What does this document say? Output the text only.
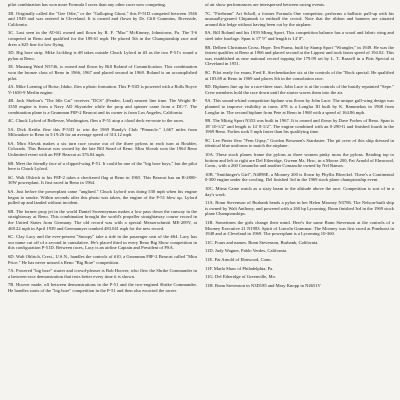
pilot combination has won more Formula I races than any other racer now competing.

3B. Originally called the "Gee Odie," or the "Galloping Ghost," this P-51D competed between 1946 and 1949 and was entered in Cleveland. It is owned and flown by Dr. Cliff Cummins, Riverside, California.

3C. Last seen in the AT-6G owned and flown by R. F. "Mac" McKinney, Johnstown, Pa. The T-6 competed in Reno and qualified for the 189.61 mph. He placed 5th in the Championship race and drew a $25 fine for low flying.

3D. Big bore strip, Mike Lickling is #8 takes outside Chuck Lyford in #3 as the two P-51's round a pylon at Reno.

3E. Mustang Ward N5746, is owned and flown by Bill Roland of Commification. This combination won the bronze class of Reno in 1966, 1967 and placed second in 1968. Roland is an accomplished pilot.

4A. Mike Loening of Boise, Idaho, flies a photo formation. This P-51D is powered with a Rolls Royce V-1650-9 Merlin engine.

4B. Jack Shelton's "The Idle Cat" receives "DCS" (Fender, Lind) nearest line time. The Wright R-3350 engine is from a Navy AD Skyraider while the prop and spinner came from a DC-7. The combination plane is a Grumman F8F-2 Bearcat and its owner is from Los Angeles, California.

4C. Chuck Lyford of Bellevue, Washington, flies a P-51 atop a cloud deck en-route to the races.

5A. Dick Keiths flew this P-51D to win the 1969 Handy's Club "Pinnacle." 1,667 miles from Milwaukee to Reno in 5:19:26 for an average speed of 313.12 mph.

6A. Mira Slovak makes a six turn race course out of the three pylons in each turn at Boulder, Colorado. This Bearcat was owned by the late Bill Stead of Reno. Mira Slovak won the 1964 Reno Unlimited event with an F8F Bearcat at 376.84 mph.

6B. Meet the friendly face of a clipped-wing P-51. It could be one of the "big bore boys," but the pilot here is Chuck Lyford.

6C. Walt Ohlrich to his F8F-2 takes a checkered flag at Reno in 1965. This Bearcat has an R-2800-30W powerplant. It first raced in Reno in 1964.

6A. Just before the powerplant came "unglued." Chuck Lyford was doing 530 mph when his engine began to smoke. Within seconds after this photo was taken, the engine of the P-51 blew up. Lyford pulled up and landed without incident.

6B. The former prop jet in the world Daniel Sweeneyman makes a low pass down the runway in the straightaway at Reno. This combination brought the world's propeller straightaway course record in the United States from Germany. The old record was with a special Messerschmitt ME-209V, at 469.22 mph in April 1939 and Greenamyer cranked 483.041 mph for the new record.

6C. Clay Lacy and the ever-present "Snoopy" take a ride in the passenger seat of the #64. Lacy has our name cut off of a second in cumulative. He's placed third in every Reno Big Show competition in this configuration P-51D. Between races, Lacy is an airline Captain and President of PSA.

6D. Walt Ohlrich, Crest., U.S.N., handles the controls of #10, a Grumman F8F-2 Bearcat called "Mira Price." He has never missed a Reno "Big Bore" competition.

7A. Powered "big bore" starter and crowd-pleaser is Bob Hoover, who flew the Shrike Commander in a between-race demonstration that tests better every time it is shown.

7B. Hoover made, off between demonstrations in the P-51 and the two-engined Shrike Commander. He handles starts of the "big bore" competition in the P-51 and then also escorted the racers

of air show performances are interspersed between racing events.

7C. "Firebeam" Art Scholl, a former Formula One competitor, performs a ballistic pull-up with his unusually-geared Chipmunk to enthrall the crowd. Note that the ribbon and banners are situated around this ledge without having been cut by the airplane.

8A. Bill Roland and his 1959 Mirng Sport. This competition balance has a wood and fabric wing and steel tube fuselage. Span is 17' 9" and length is 14' 8".

8B. Delbert Christman Cross, Hope. Ten Prams, built by Stamp Sport "Wrangler," in 1949. He was the fastest qualifier at Reno at 1966 and placed second at the Lippest and took faster speed of 194.02. This was established as new national record topping the 179.09 set by L. T. Bussell in a Pitts Special at Cleveland in 1951.

8C. Pilot ready for exam, Fred E. Stechembacher six at the controls of the "Rock special. He qualified at 183.69 at Reno in 1969 and places 5th in the consolation race.

8D. Biplanes line up for a race-three start. John Luce is at the controls of the hastily repainted "Sepe." Crew members hold the race down until the starter waves them into the air.

9A. This sound-a-kind competition biplane was flown by John Luce. The unique gull-wing design was planned to improve visibility at turns. #78 is a Longlar III built by K. Rammekus in 1968 from Longlar in. The second biplane from Pete at Reno in 1968 with a speed of 164.86 mph.

9B. The Mitrig Sport N353 was built in 1967. It is owned and flown by Dave Forbes of Reno. Span is 18' 10-1/2" and length is 14' 8-1/2". The engine combined with an 0-290-G and finished fourth in the 1969 Reno. Forbes took 5 mph faster than his qualifying time.

9C. Lee Pinter flew "Fem Gipsy," Gordon Bowmen's Stardaster. The pit crew of this ship dressed in identical blue uniforms to match the airplane.

10A. These stock planes frame the pylons as three women pinky moss the pylons. Reading top to bottom and left to right are Del Etheridge, Gwenn Ms. Hrsc, in a Moose 200, Pat Arnold of Elmwood, Conn., with a 260 Comanche and another Comanche owned by Nel Ramos.

10B. "Smithinger's Girl", N4898E, a Mooney 200 is flown by Phyllis Bloeckel. There's a Continental 0-300 engine under the cowling. Del finished 3rd in the 1969 stock plane championship event.

10C. Mirna Caine watch as a sixty beam to the altitude above the race. Competition is sort of in a day's work.

11A. Bonn Stevenson of Burbank bends a pylon in her Helen Mooney N3786. The Nelson-built ship is owned by Walt Anthony, and powered with a 260 hp Lycoming. Bonn finished 3rd in the 1969 stock plane Championships.

11B. Sometimes the girls change their mind. Here's the same Bonn Stevenson at the controls of a Mooney Executive 21 N1983. Spirit of Lincoln Grammar. The Mooney was first raced at Pinehurst in 1948 and at Cleveland in 1969. The powerplant is a Lycoming 10-360.

11C. Fours and names. Bonn Stevenson, Burbank, California.

11D. Judy Wagner, Pablo Verdes, California.

11E. Pat Arnold of Elmwood, Conn.

11F. Marla Shaw of Philadelphia, Pa.

11G. Del Etheridge of Greenville, Mo.

11H. Bonn Stevenson in N3D185 and Mary Knopp in N4651V
